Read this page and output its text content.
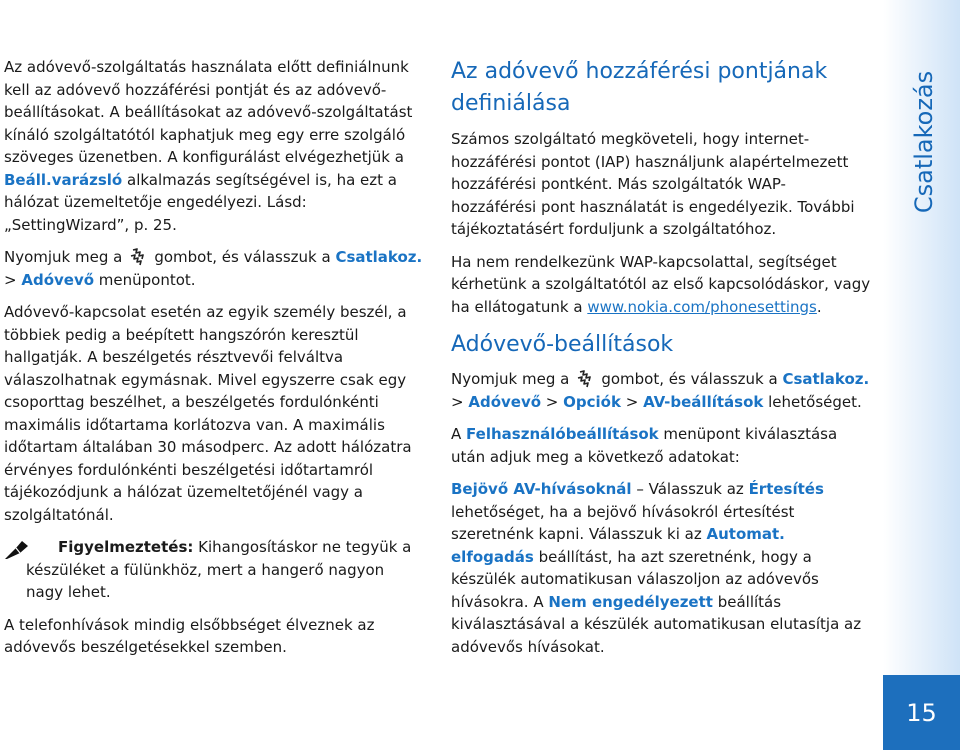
Csatlakozás
15

Az adóvevő-szolgáltatás használata előtt definiálnunk kell az adóvevő hozzáférési pontját és az adóvevő-beállításokat. A beállításokat az adóvevő-szolgáltatást kínáló szolgáltatótól kaphatjuk meg egy erre szolgáló szöveges üzenetben. A konfigurálást elvégezhetjük a Beáll.varázsló alkalmazás segítségével is, ha ezt a hálózat üzemeltetője engedélyezi. Lásd: „SettingWizard”, p. 25.

Nyomjuk meg a gombot, és válasszuk a Csatlakoz. > Adóvevő menüpontot.

Adóvevő-kapcsolat esetén az egyik személy beszél, a többiek pedig a beépített hangszórón keresztül hallgatják. A beszélgetés résztvevői felváltva válaszolhatnak egymásnak. Mivel egyszerre csak egy csoporttag beszélhet, a beszélgetés fordulónkénti maximális időtartama korlátozva van. A maximális időtartam általában 30 másodperc. Az adott hálózatra érvényes fordulónkénti beszélgetési időtartamról tájékozódjunk a hálózat üzemeltetőjénél vagy a szolgáltatónál.

Figyelmeztetés: Kihangosításkor ne tegyük a készüléket a fülünkhöz, mert a hangerő nagyon nagy lehet.

A telefonhívások mindig elsőbbséget élveznek az adóvevős beszélgetésekkel szemben.

Az adóvevő hozzáférési pontjának definiálása

Számos szolgáltató megköveteli, hogy internet-hozzáférési pontot (IAP) használjunk alapértelmezett hozzáférési pontként. Más szolgáltatók WAP-hozzáférési pont használatát is engedélyezik. További tájékoztatásért forduljunk a szolgáltatóhoz.

Ha nem rendelkezünk WAP-kapcsolattal, segítséget kérhetünk a szolgáltatótól az első kapcsolódáskor, vagy ha ellátogatunk a www.nokia.com/phonesettings.

Adóvevő-beállítások

Nyomjuk meg a gombot, és válasszuk a Csatlakoz. > Adóvevő > Opciók > AV-beállítások lehetőséget.

A Felhasználóbeállítások menüpont kiválasztása után adjuk meg a következő adatokat:

Bejövő AV-hívásoknál – Válasszuk az Értesítés lehetőséget, ha a bejövő hívásokról értesítést szeretnénk kapni. Válasszuk ki az Automat. elfogadás beállítást, ha azt szeretnénk, hogy a készülék automatikusan válaszoljon az adóvevős hívásokra. A Nem engedélyezett beállítás kiválasztásával a készülék automatikusan elutasítja az adóvevős hívásokat.
